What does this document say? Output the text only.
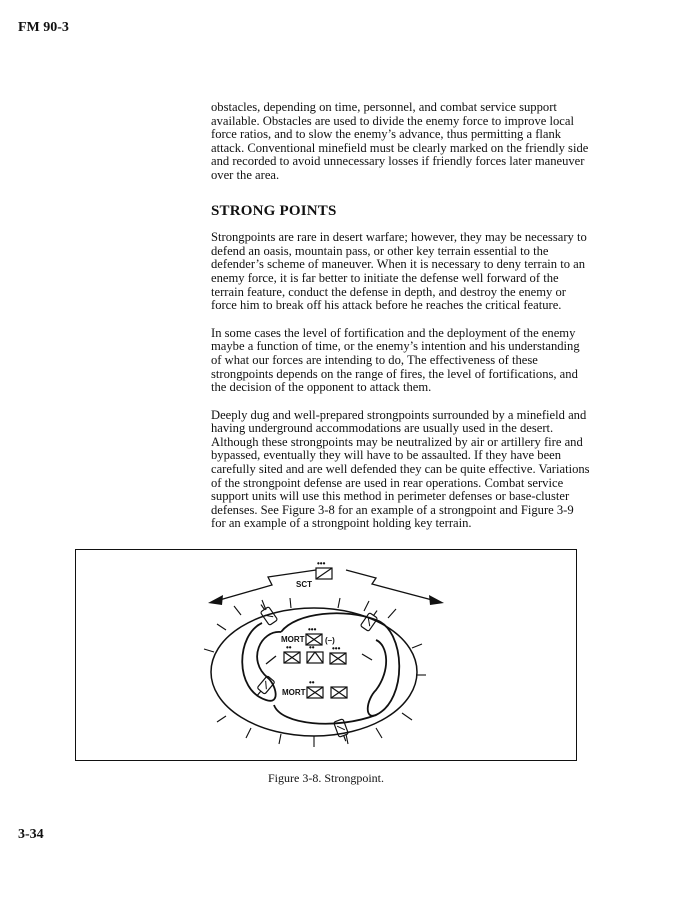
FM 90-3

obstacles, depending on time, personnel, and combat service support available. Obstacles are used to divide the enemy force to improve local force ratios, and to slow the enemy’s advance, thus permitting a flank attack. Conventional minefield must be clearly marked on the friendly side and recorded to avoid unnecessary losses if friendly forces later maneuver over the area.

STRONG POINTS

Strongpoints are rare in desert warfare; however, they may be necessary to defend an oasis, mountain pass, or other key terrain essential to the defender’s scheme of maneuver. When it is necessary to deny terrain to an enemy force, it is far better to initiate the defense well forward of the terrain feature, conduct the defense in depth, and destroy the enemy or force him to break off his attack before he reaches the critical feature.

In some cases the level of fortification and the deployment of the enemy maybe a function of time, or the enemy’s intention and his understanding of what our forces are intending to do, The effectiveness of these strongpoints depends on the range of fires, the level of fortifications, and the decision of the opponent to attack them.

Deeply dug and well-prepared strongpoints surrounded by a minefield and having underground accommodations are usually used in the desert. Although these strongpoints may be neutralized by air or artillery fire and bypassed, eventually they will have to be assaulted. If they have been carefully sited and are well defended they can be quite effective. Variations of the strongpoint defense are used in rear operations. Combat service support units will use this method in perimeter defenses or base-cluster defenses. See Figure 3-8 for an example of a strongpoint and Figure 3-9 for an example of a strongpoint holding key terrain.

•••
SCT
MORT
•••
(–)
•• •• •••
MORT
••
Figure 3-8. Strongpoint.
3-34
